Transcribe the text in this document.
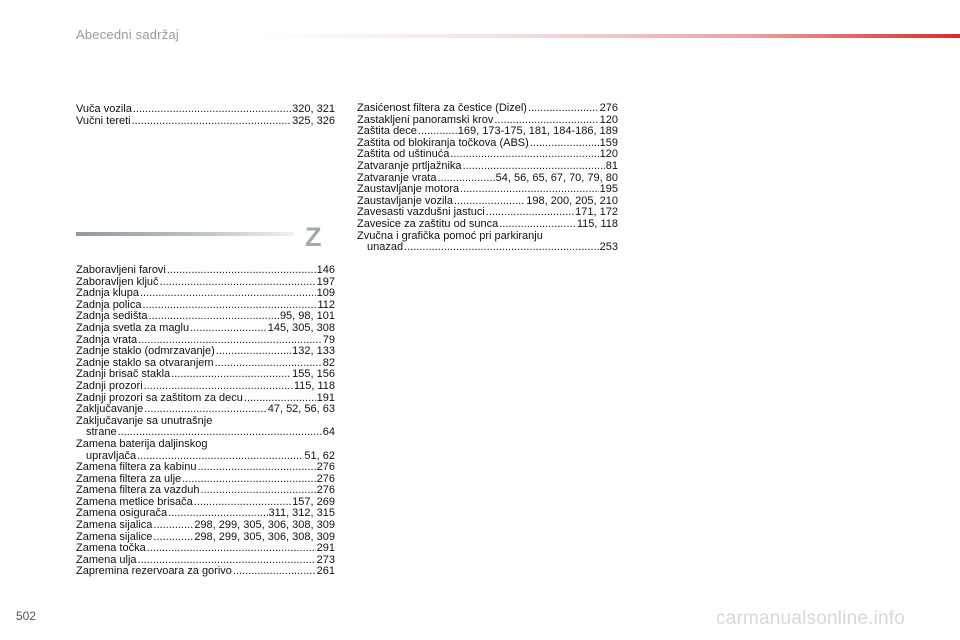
Abecedni sadržaj
Vuča vozila .....	320, 321
Vučni tereti .....	325, 326
Z
Zaboravljeni farovi .....	146
Zaboravljen ključ .....	197
Zadnja klupa .....	109
Zadnja polica .....	112
Zadnja sedišta .....	95, 98, 101
Zadnja svetla za maglu .....	145, 305, 308
Zadnja vrata .....	79
Zadnje staklo (odmrzavanje) .....	132, 133
Zadnje staklo sa otvaranjem .....	82
Zadnji brisač stakla .....	155, 156
Zadnji prozori .....	115, 118
Zadnji prozori sa zaštitom za decu .....	191
Zaključavanje .....	47, 52, 56, 63
Zaključavanje sa unutrašnje
strane .....	64
Zamena baterija daljinskog
upravljača .....	51, 62
Zamena filtera za kabinu .....	276
Zamena filtera za ulje .....	276
Zamena filtera za vazduh .....	276
Zamena metlice brisača .....	157, 269
Zamena osigurača .....	311, 312, 315
Zamena sijalica .....	298, 299, 305, 306, 308, 309
Zamena sijalice .....	298, 299, 305, 306, 308, 309
Zamena točka .....	291
Zamena ulja .....	273
Zapremina rezervoara za gorivo .....	261
Zasićenost filtera za čestice (Dizel) .....	276
Zastakljeni panoramski krov .....	120
Zaštita dece .....	169, 173-175, 181, 184-186, 189
Zaštita od blokiranja točkova (ABS) .....	159
Zaštita od uštinuća .....	120
Zatvaranje prtljažnika .....	81
Zatvaranje vrata .....	54, 56, 65, 67, 70, 79, 80
Zaustavljanje motora .....	195
Zaustavljanje vozila .....	198, 200, 205, 210
Zavesasti vazdušni jastuci .....	171, 172
Zavesice za zaštitu od sunca .....	115, 118
Zvučna i grafička pomoć pri parkiranju
unazad .....	253
502	carmanualsonline.info
